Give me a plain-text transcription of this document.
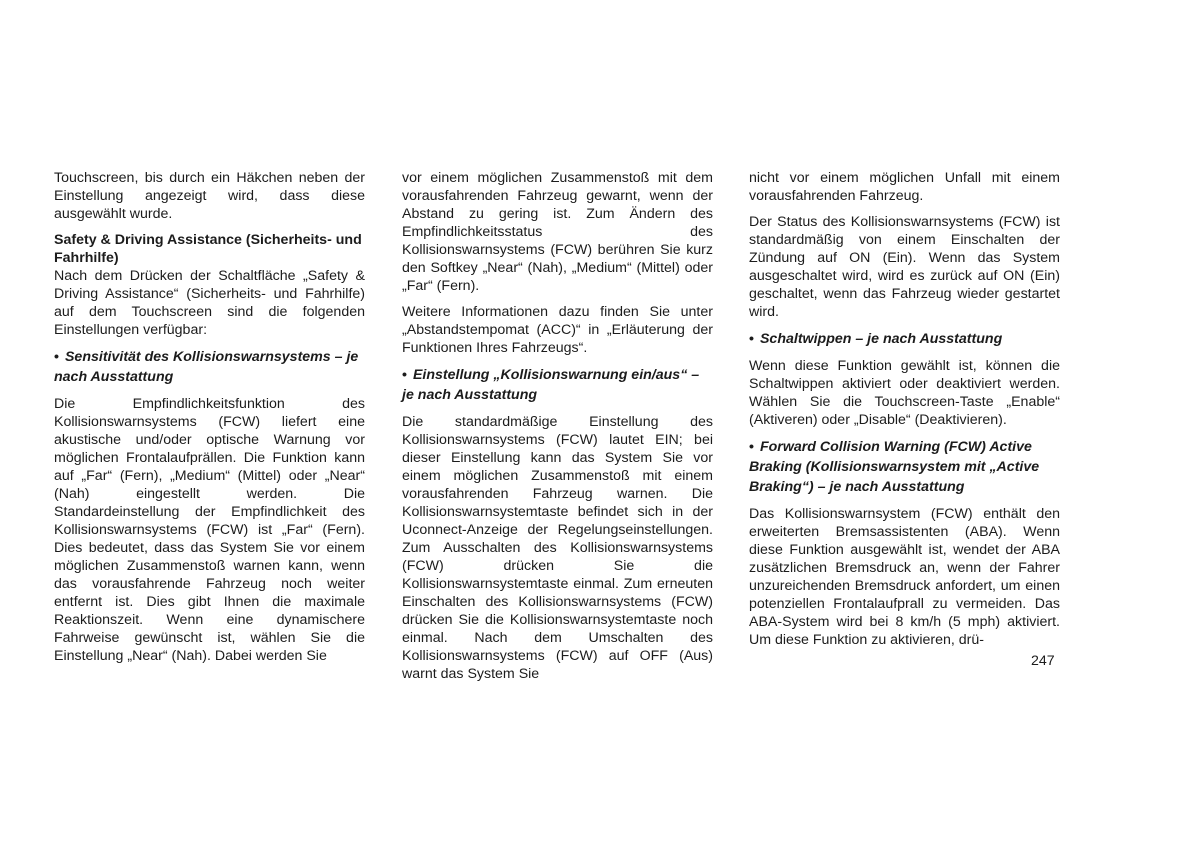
Touchscreen, bis durch ein Häkchen neben der Einstellung angezeigt wird, dass diese ausgewählt wurde.

Safety & Driving Assistance (Sicherheits- und Fahrhilfe)

Nach dem Drücken der Schaltfläche „Safety & Driving Assistance“ (Sicherheits- und Fahrhilfe) auf dem Touchscreen sind die folgenden Einstellungen verfügbar:

• Sensitivität des Kollisionswarnsystems – je nach Ausstattung

Die Empfindlichkeitsfunktion des Kollisionswarnsystems (FCW) liefert eine akustische und/oder optische Warnung vor möglichen Frontalaufprällen. Die Funktion kann auf „Far“ (Fern), „Medium“ (Mittel) oder „Near“ (Nah) eingestellt werden. Die Standardeinstellung der Empfindlichkeit des Kollisionswarnsystems (FCW) ist „Far“ (Fern). Dies bedeutet, dass das System Sie vor einem möglichen Zusammenstoß warnen kann, wenn das vorausfahrende Fahrzeug noch weiter entfernt ist. Dies gibt Ihnen die maximale Reaktionszeit. Wenn eine dynamischere Fahrweise gewünscht ist, wählen Sie die Einstellung „Near“ (Nah). Dabei werden Sie

vor einem möglichen Zusammenstoß mit dem vorausfahrenden Fahrzeug gewarnt, wenn der Abstand zu gering ist. Zum Ändern des Empfindlichkeitsstatus des Kollisionswarnsystems (FCW) berühren Sie kurz den Softkey „Near“ (Nah), „Medium“ (Mittel) oder „Far“ (Fern).

Weitere Informationen dazu finden Sie unter „Abstandstempomat (ACC)“ in „Erläuterung der Funktionen Ihres Fahrzeugs“.

• Einstellung „Kollisionswarnung ein/aus“ – je nach Ausstattung

Die standardmäßige Einstellung des Kollisionswarnsystems (FCW) lautet EIN; bei dieser Einstellung kann das System Sie vor einem möglichen Zusammenstoß mit einem vorausfahrenden Fahrzeug warnen. Die Kollisionswarnsystemtaste befindet sich in der Uconnect-Anzeige der Regelungseinstellungen. Zum Ausschalten des Kollisionswarnsystems (FCW) drücken Sie die Kollisionswarnsystemtaste einmal. Zum erneuten Einschalten des Kollisionswarnsystems (FCW) drücken Sie die Kollisionswarnsystemtaste noch einmal. Nach dem Umschalten des Kollisionswarnsystems (FCW) auf OFF (Aus) warnt das System Sie

nicht vor einem möglichen Unfall mit einem vorausfahrenden Fahrzeug.

Der Status des Kollisionswarnsystems (FCW) ist standardmäßig von einem Einschalten der Zündung auf ON (Ein). Wenn das System ausgeschaltet wird, wird es zurück auf ON (Ein) geschaltet, wenn das Fahrzeug wieder gestartet wird.

• Schaltwippen – je nach Ausstattung

Wenn diese Funktion gewählt ist, können die Schaltwippen aktiviert oder deaktiviert werden. Wählen Sie die Touchscreen-Taste „Enable“ (Aktiveren) oder „Disable“ (Deaktivieren).

• Forward Collision Warning (FCW) Active Braking (Kollisionswarnsystem mit „Active Braking“) – je nach Ausstattung

Das Kollisionswarnsystem (FCW) enthält den erweiterten Bremsassistenten (ABA). Wenn diese Funktion ausgewählt ist, wendet der ABA zusätzlichen Bremsdruck an, wenn der Fahrer unzureichenden Bremsdruck anfordert, um einen potenziellen Frontalaufprall zu vermeiden. Das ABA-System wird bei 8 km/h (5 mph) aktiviert. Um diese Funktion zu aktivieren, drü-

247
